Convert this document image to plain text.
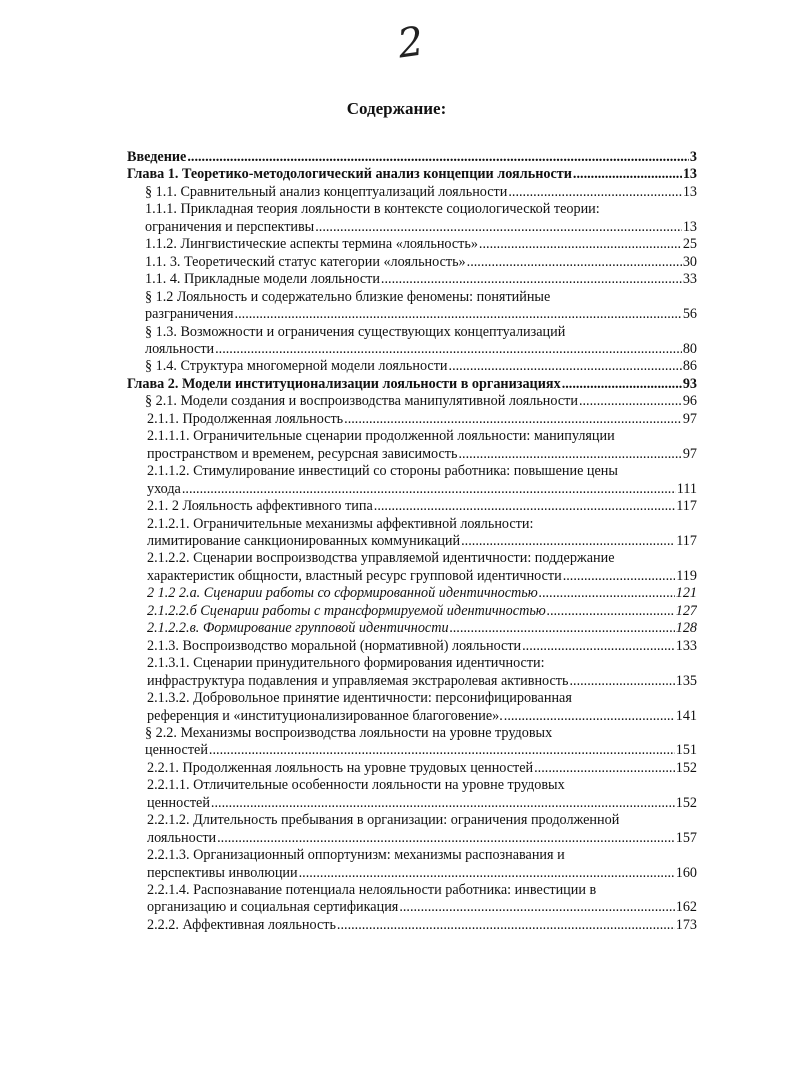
2
Содержание:
Введение .....	3
Глава 1. Теоретико-методологический анализ концепции лояльности .....	13
§ 1.1. Сравнительный анализ концептуализаций лояльности .....	13
1.1.1. Прикладная теория лояльности в контексте социологической теории:
ограничения и перспективы .....	13
1.1.2. Лингвистические аспекты термина «лояльность» .....	25
1.1. 3. Теоретический статус категории «лояльность» .....	30
1.1. 4. Прикладные модели лояльности .....	33
§ 1.2 Лояльность и содержательно близкие феномены: понятийные
разграничения .....	56
§ 1.3. Возможности и ограничения существующих концептуализаций
лояльности .....	80
§ 1.4. Структура многомерной модели лояльности .....	86
Глава 2. Модели институционализации лояльности в организациях .....	93
§ 2.1. Модели создания и воспроизводства манипулятивной лояльности .....	96
2.1.1. Продолженная лояльность .....	97
2.1.1.1. Ограничительные сценарии продолженной лояльности: манипуляции
пространством и временем, ресурсная зависимость .....	97
2.1.1.2. Стимулирование инвестиций со стороны работника: повышение цены
ухода .....	111
2.1. 2 Лояльность аффективного типа .....	117
2.1.2.1. Ограничительные механизмы аффективной лояльности:
лимитирование санкционированных коммуникаций .....	117
2.1.2.2. Сценарии воспроизводства управляемой идентичности: поддержание
характеристик общности, властный ресурс групповой идентичности .....	119
2 1.2 2.а. Сценарии работы со сформированной идентичностью .....	121
2.1.2.2.б Сценарии работы с трансформируемой идентичностью .....	127
2.1.2.2.в. Формирование групповой идентичности .....	128
2.1.3. Воспроизводство моральной (нормативной) лояльности .....	133
2.1.3.1. Сценарии принудительного формирования идентичности:
инфраструктура подавления и управляемая экстраролевая активность .....	135
2.1.3.2. Добровольное принятие идентичности: персонифицированная
референция и «институционализированное благоговение». .....	141
§ 2.2. Механизмы воспроизводства лояльности на уровне трудовых
ценностей .....	151
2.2.1. Продолженная лояльность на уровне трудовых ценностей .....	152
2.2.1.1. Отличительные особенности лояльности на уровне трудовых
ценностей .....	152
2.2.1.2. Длительность пребывания в организации: ограничения продолженной
лояльности .....	157
2.2.1.3. Организационный оппортунизм: механизмы распознавания и
перспективы инволюции .....	160
2.2.1.4. Распознавание потенциала нелояльности работника: инвестиции в
организацию и социальная сертификация .....	162
2.2.2. Аффективная лояльность .....	173
